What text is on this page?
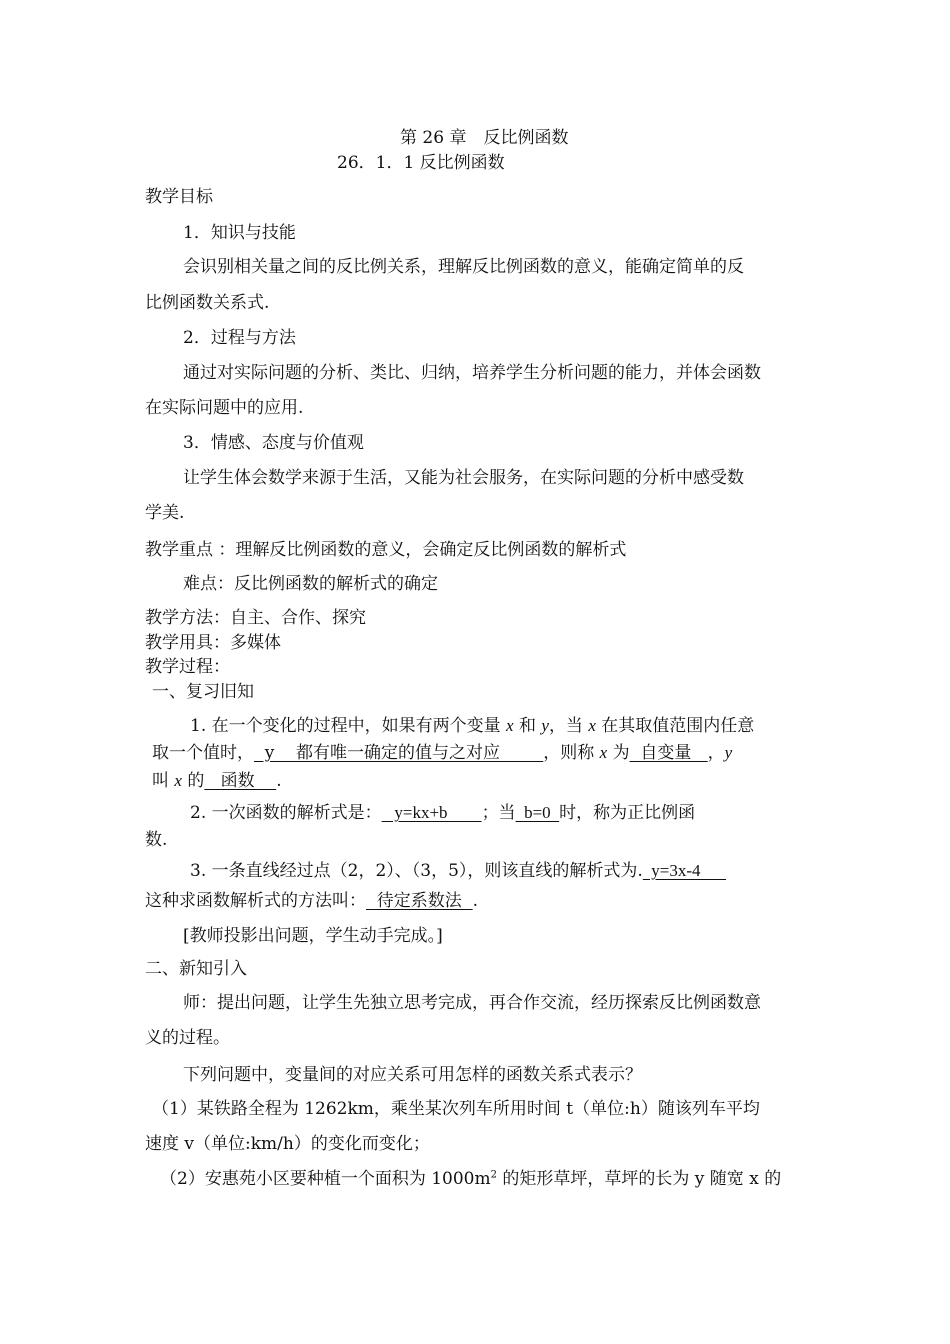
第 26 章　反比例函数
26．1．1 反比例函数
教学目标
1．知识与技能
会识别相关量之间的反比例关系，理解反比例函数的意义，能确定简单的反
比例函数关系式.
2．过程与方法
通过对实际问题的分析、类比、归纳，培养学生分析问题的能力，并体会函数
在实际问题中的应用.
3．情感、态度与价值观
让学生体会数学来源于生活，又能为社会服务，在实际问题的分析中感受数
学美.
教学重点 ：理解反比例函数的意义，会确定反比例函数的解析式
难点：反比例函数的解析式的确定
教学方法：自主、合作、探究
教学用具：多媒体
教学过程：
一、复习旧知
1. 在一个变化的过程中，如果有两个变量 x 和 y，当 x 在其取值范围内任意
取一个值时，  y    都有唯一确定的值与之对应        ，则称 x 为  自变量   ，y
叫 x 的   函数    .
2. 一次函数的解析式是：   y=kx+b        ；当  b=0  时，称为正比例函
数.
3. 一条直线经过点（2，2）、（3，5），则该直线的解析式为.  y=3x-4
这种求函数解析式的方法叫：  待定系数法  .
[教师投影出问题，学生动手完成。]
二、新知引入
师：提出问题，让学生先独立思考完成，再合作交流，经历探索反比例函数意
义的过程。
下列问题中，变量间的对应关系可用怎样的函数关系式表示？
（1）某铁路全程为 1262km，乘坐某次列车所用时间 t（单位:h）随该列车平均
速度 v（单位:km/h）的变化而变化；
（2）安惠苑小区要种植一个面积为 $1000m^2$ 的矩形草坪，草坪的长为 y 随宽 x 的
